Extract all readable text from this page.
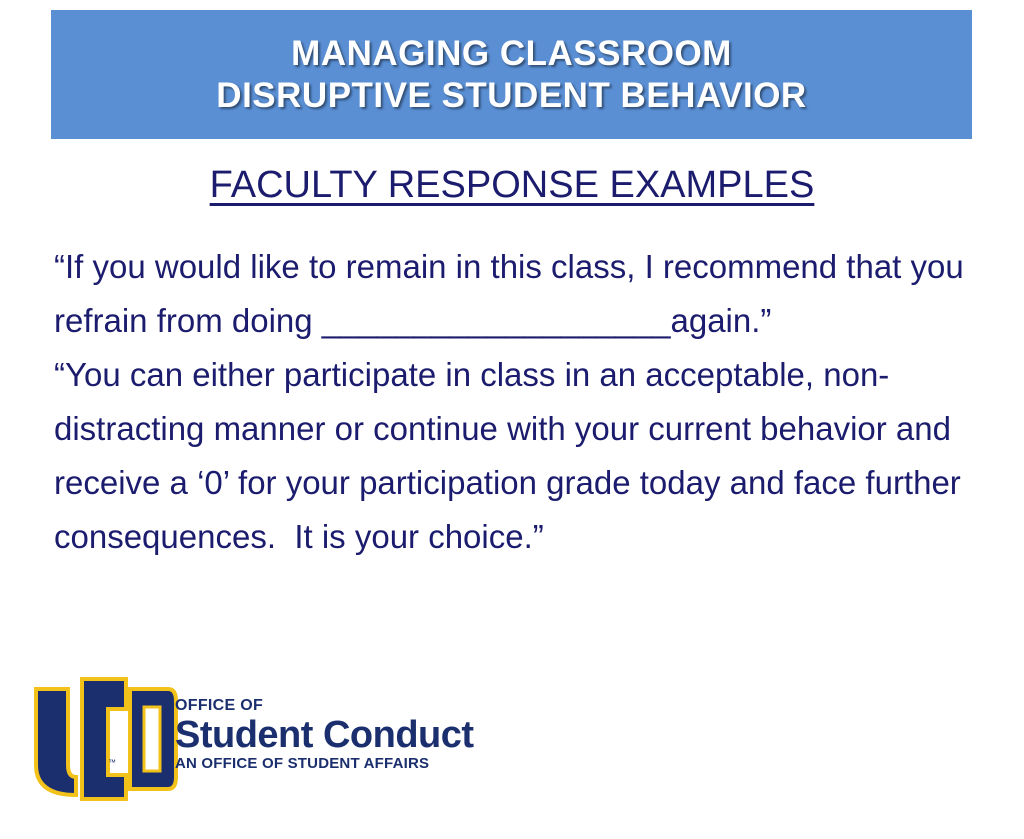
MANAGING CLASSROOM
DISRUPTIVE STUDENT BEHAVIOR
FACULTY RESPONSE EXAMPLES

“If you would like to remain in this class, I recommend that you refrain from doing ___________________again.”

“You can either participate in class in an acceptable, non-distracting manner or continue with your current behavior and receive a ‘0’ for your participation grade today and face further consequences.  It is your choice.”

™
OFFICE OF
Student Conduct
AN OFFICE OF STUDENT AFFAIRS
